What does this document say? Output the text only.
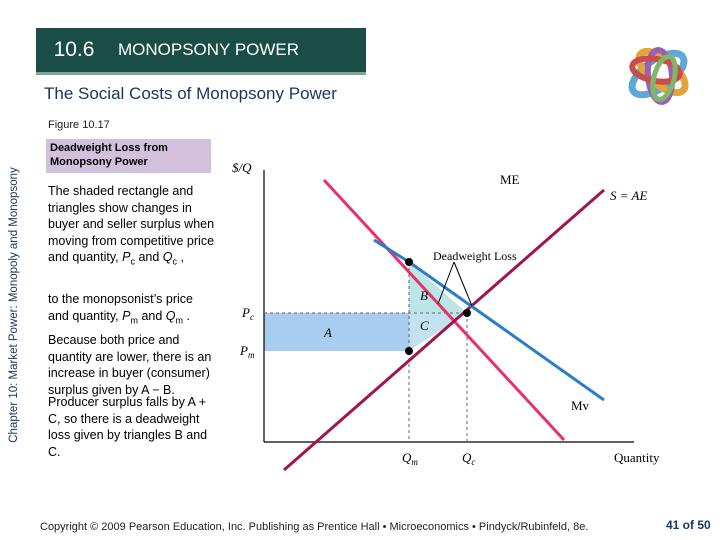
10.6	MONOPSONY POWER
The Social Costs of Monopsony Power
Chapter 10: Market Power: Monopoly and Monopsony
Figure 10.17
Deadweight Loss from Monopsony Power
The shaded rectangle and triangles show changes in buyer and seller surplus when moving from competitive price and quantity, $P_c$ and $Q_c$ ,
to the monopsonist’s price and quantity, $P_m$ and $Q_m$ .
Because both price and quantity are lower, there is an increase in buyer (consumer) surplus given by A − B.
Producer surplus falls by A + C, so there is a deadweight loss given by triangles B and C.
$/Q
Quantity
ME
S = AE
Mv
Deadweight Loss
A
B
C
$P_c$
$P_m$
$Q_m$	$Q_c$
Copyright © 2009 Pearson Education, Inc. Publishing as Prentice Hall • Microeconomics • Pindyck/Rubinfeld, 8e.	41 of 50
